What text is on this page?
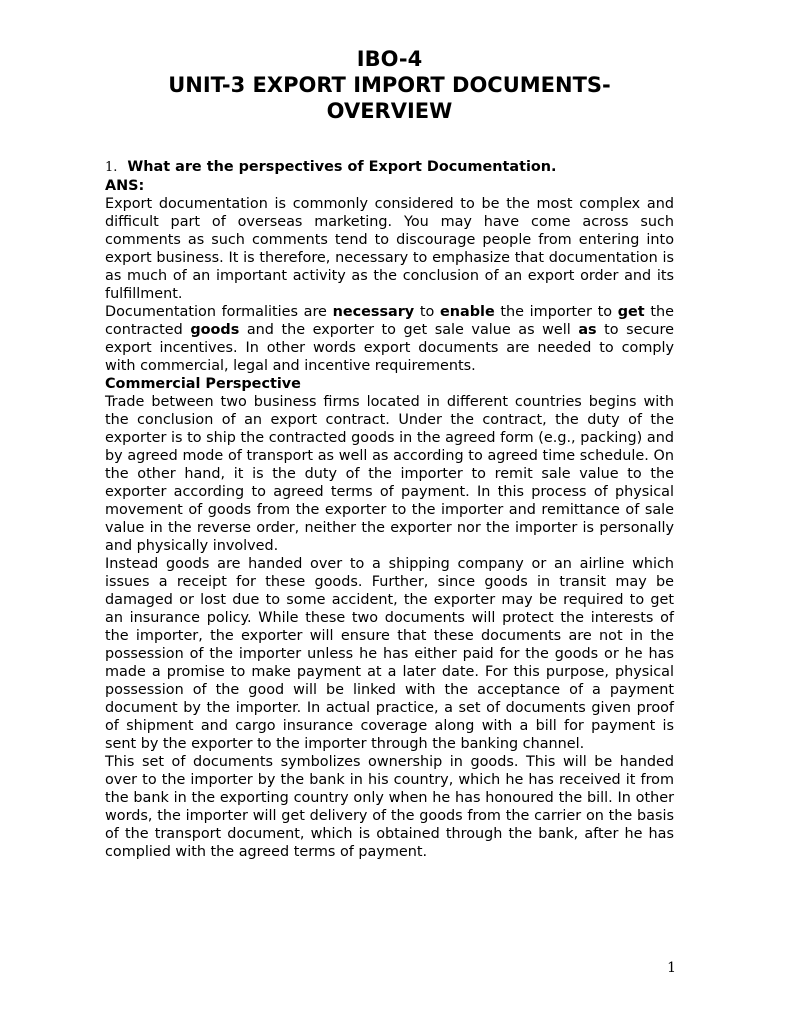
IBO-4
UNIT-3 EXPORT IMPORT DOCUMENTS-
OVERVIEW

1. What are the perspectives of Export Documentation.

ANS:

Export documentation is commonly considered to be the most complex and difficult part of overseas marketing. You may have come across such comments as such comments tend to discourage people from entering into export business. It is therefore, necessary to emphasize that documentation is as much of an important activity as the conclusion of an export order and its fulfillment.

Documentation formalities are necessary to enable the importer to get the contracted goods and the exporter to get sale value as well as to secure export incentives. In other words export documents are needed to comply with commercial, legal and incentive requirements.

Commercial Perspective

Trade between two business firms located in different countries begins with the conclusion of an export contract. Under the contract, the duty of the exporter is to ship the contracted goods in the agreed form (e.g., packing) and by agreed mode of transport as well as according to agreed time schedule. On the other hand, it is the duty of the importer to remit sale value to the exporter according to agreed terms of payment. In this process of physical movement of goods from the exporter to the importer and remittance of sale value in the reverse order, neither the exporter nor the importer is personally and physically involved.

Instead goods are handed over to a shipping company or an airline which issues a receipt for these goods. Further, since goods in transit may be damaged or lost due to some accident, the exporter may be required to get an insurance policy. While these two documents will protect the interests of the importer, the exporter will ensure that these documents are not in the possession of the importer unless he has either paid for the goods or he has made a promise to make payment at a later date. For this purpose, physical possession of the good will be linked with the acceptance of a payment document by the importer. In actual practice, a set of documents given proof of shipment and cargo insurance coverage along with a bill for payment is sent by the exporter to the importer through the banking channel.

This set of documents symbolizes ownership in goods. This will be handed over to the importer by the bank in his country, which he has received it from the bank in the exporting country only when he has honoured the bill. In other words, the importer will get delivery of the goods from the carrier on the basis of the transport document, which is obtained through the bank, after he has complied with the agreed terms of payment.

1
